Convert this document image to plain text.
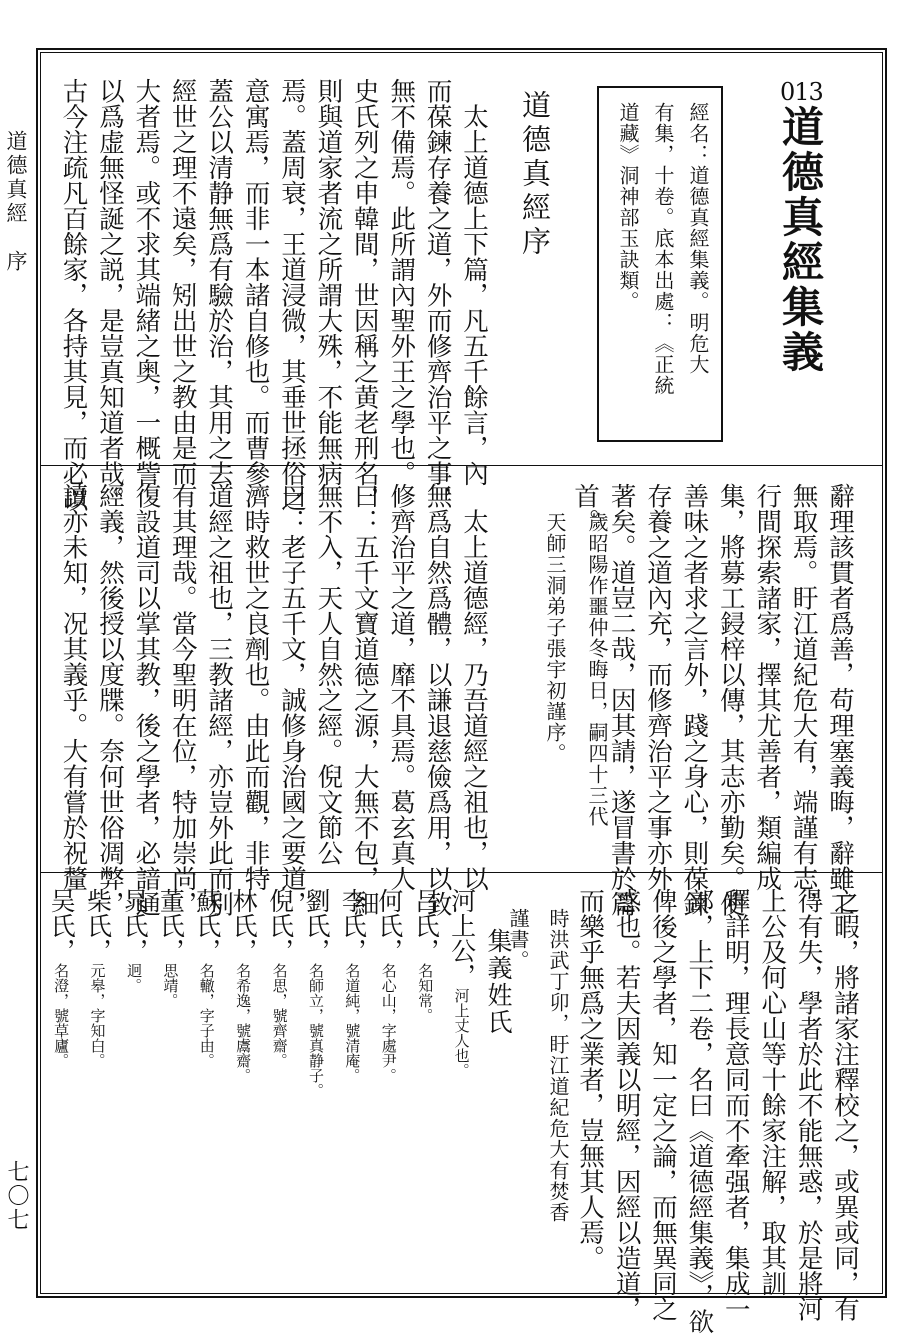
道德真經　序
七〇七
013
道德真經集義

經名：道德真經集義。明危大

有集，十卷。底本出處：《正統

道藏》洞神部玉訣類。

道德真經序

　太上道德上下篇，凡五千餘言，內

而葆鍊存養之道，外而修齊治平之事，

無不備焉。此所謂內聖外王之學也。

史氏列之申韓間，世因稱之黄老刑名，

則與道家者流之所謂大殊，不能無病

焉。蓋周衰，王道浸微，其垂世拯俗之

意寓焉，而非一本諸自修也。而曹參

蓋公以清静無爲有驗於治，其用之去

經世之理不遠矣，矧出世之教由是而

大者焉。或不求其端緒之奥，一概訾

以爲虚無怪誕之説，是豈真知道者哉。

古今注疏凡百餘家，各持其見，而必以

辭理該貫者爲善，苟理塞義晦，辭雖工

無取焉。盱江道紀危大有，端謹有志，

行間探索諸家，擇其尤善者，類編成

集，將募工鋟梓以傳，其志亦勤矣。使

善味之者求之言外，踐之身心，則葆鍊

存養之道內充，而修齊治平之事亦外

著矣。道豈二哉，因其請，遂冒書於篇

首。

歲昭陽作噩仲冬晦日，嗣四十三代
天師三洞弟子張宇初謹序。

　太上道德經，乃吾道經之祖也，以

無爲自然爲體，以謙退慈儉爲用，以致

修齊治平之道，靡不具焉。葛玄真人

曰：五千文寶道德之源，大無不包，細

無不入，天人自然之經。倪文節公

曰：老子五千文，誠修身治國之要道，

濟時救世之良劑也。由此而觀，非特

道經之祖也，三教諸經，亦豈外此而别

有其理哉。當今聖明在位，特加崇尚，

復設道司以掌其教，後之學者，必諳通

經義，然後授以度牒。奈何世俗凋弊，

讀亦未知，况其義乎。大有嘗於祝釐

之暇，將諸家注釋校之，或異或同，有

得有失，學者於此不能無惑，於是將河

上公及何心山等十餘家注解，取其訓

釋詳明，理長意同而不牽强者，集成一

部，上下二卷，名曰《道德經集義》，欲

俾後之學者，知一定之論，而無異同之

惑也。若夫因義以明經，因經以造道，

而樂乎無爲之業者，豈無其人焉。

時洪武丁卯，盱江道紀危大有焚香
謹書。
集義姓氏
河上公，河上丈人也。
吕氏，名知常。
何氏，名心山，字處尹。
李氏，名道純，號清庵。
劉氏，名師立，號真静子。
倪氏，名思，號齊齋。
林氏，名希逸，號鬳齋。
蘇氏，名轍，字子由。
董氏，思靖。
晁氏，迥。
柴氏，元皋，字知白。
吴氏，名澄，號草廬。
